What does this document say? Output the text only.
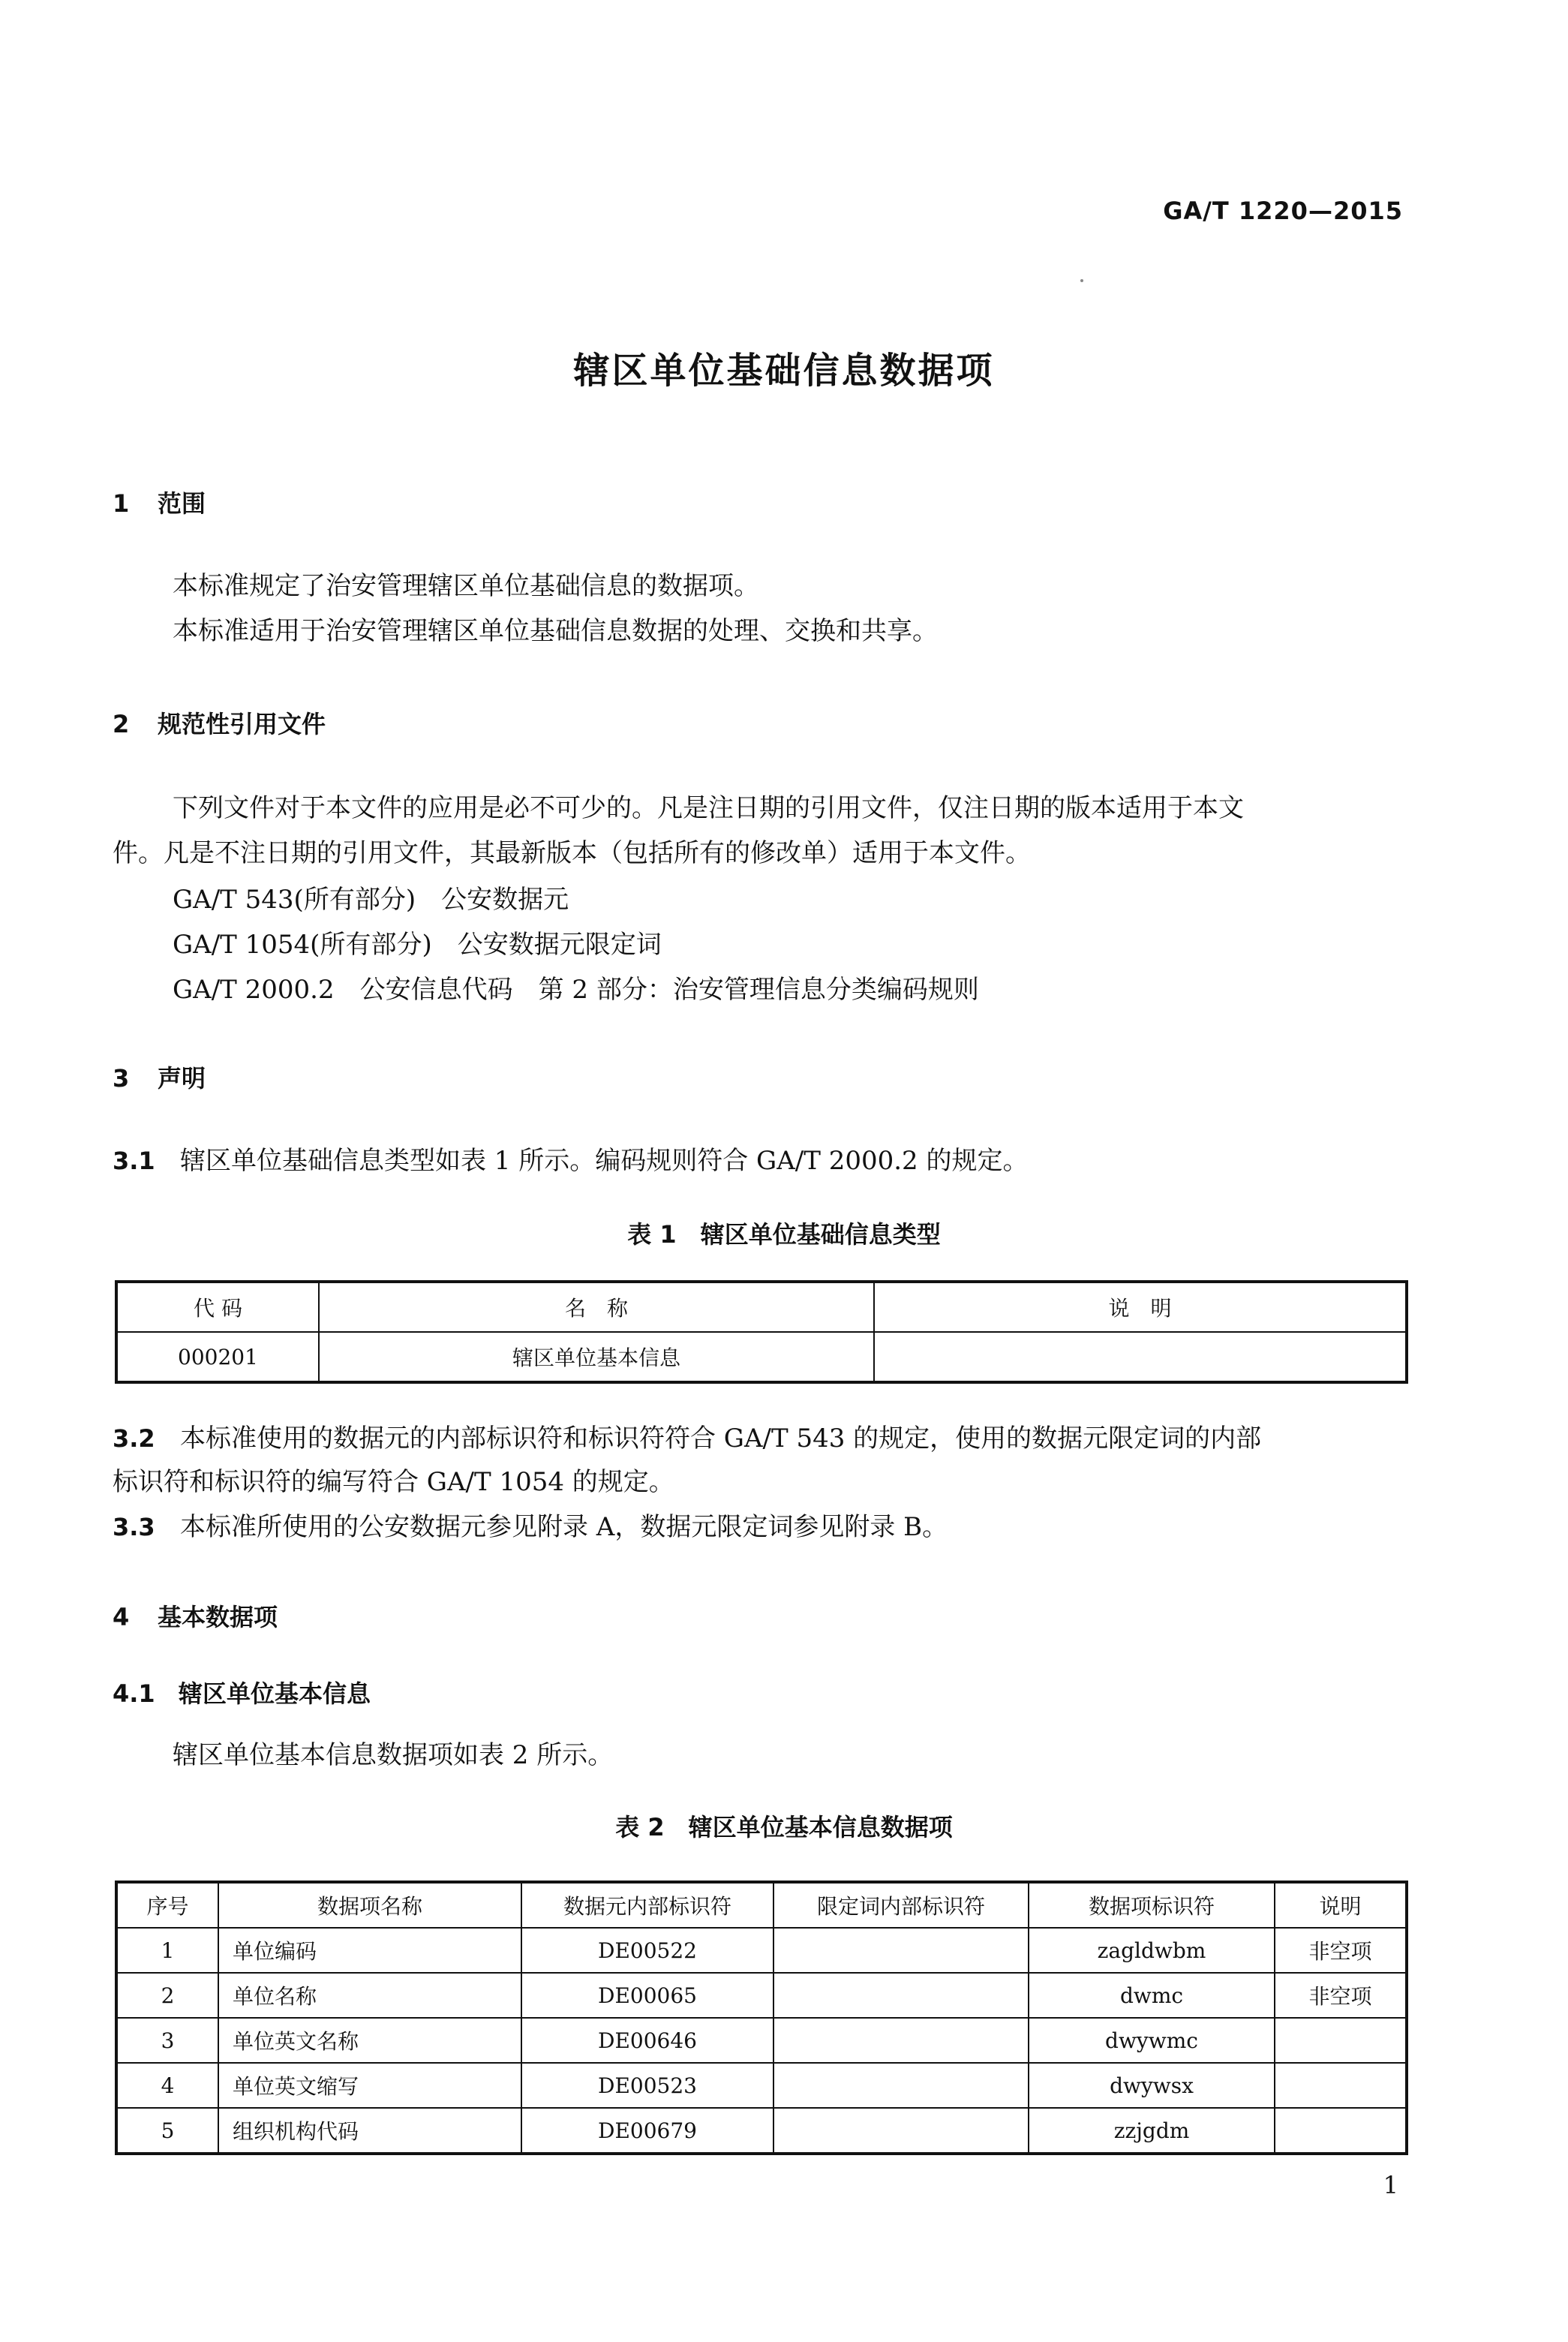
GA/T 1220—2015
辖区单位基础信息数据项
1 范围
本标准规定了治安管理辖区单位基础信息的数据项。
本标准适用于治安管理辖区单位基础信息数据的处理、交换和共享。
2 规范性引用文件
下列文件对于本文件的应用是必不可少的。凡是注日期的引用文件，仅注日期的版本适用于本文
件。凡是不注日期的引用文件，其最新版本（包括所有的修改单）适用于本文件。
GA/T 543(所有部分)　 公安数据元
GA/T 1054(所有部分)　 公安数据元限定词
GA/T 2000.2　 公安信息代码　第 2 部分：治安管理信息分类编码规则
3 声明
3.1 辖区单位基础信息类型如表 1 所示。编码规则符合 GA/T 2000.2 的规定。
表 1　辖区单位基础信息类型
代 码	名　称	说　明
000201	辖区单位基本信息	
3.2 本标准使用的数据元的内部标识符和标识符符合 GA/T 543 的规定，使用的数据元限定词的内部
标识符和标识符的编写符合 GA/T 1054 的规定。
3.3 本标准所使用的公安数据元参见附录 A，数据元限定词参见附录 B。
4 基本数据项
4.1 辖区单位基本信息
辖区单位基本信息数据项如表 2 所示。
表 2　辖区单位基本信息数据项
序号	数据项名称	数据元内部标识符	限定词内部标识符	数据项标识符	说明
1	单位编码	DE00522		zagldwbm	非空项
2	单位名称	DE00065		dwmc	非空项
3	单位英文名称	DE00646		dwywmc	
4	单位英文缩写	DE00523		dwywsx	
5	组织机构代码	DE00679		zzjgdm	
1
